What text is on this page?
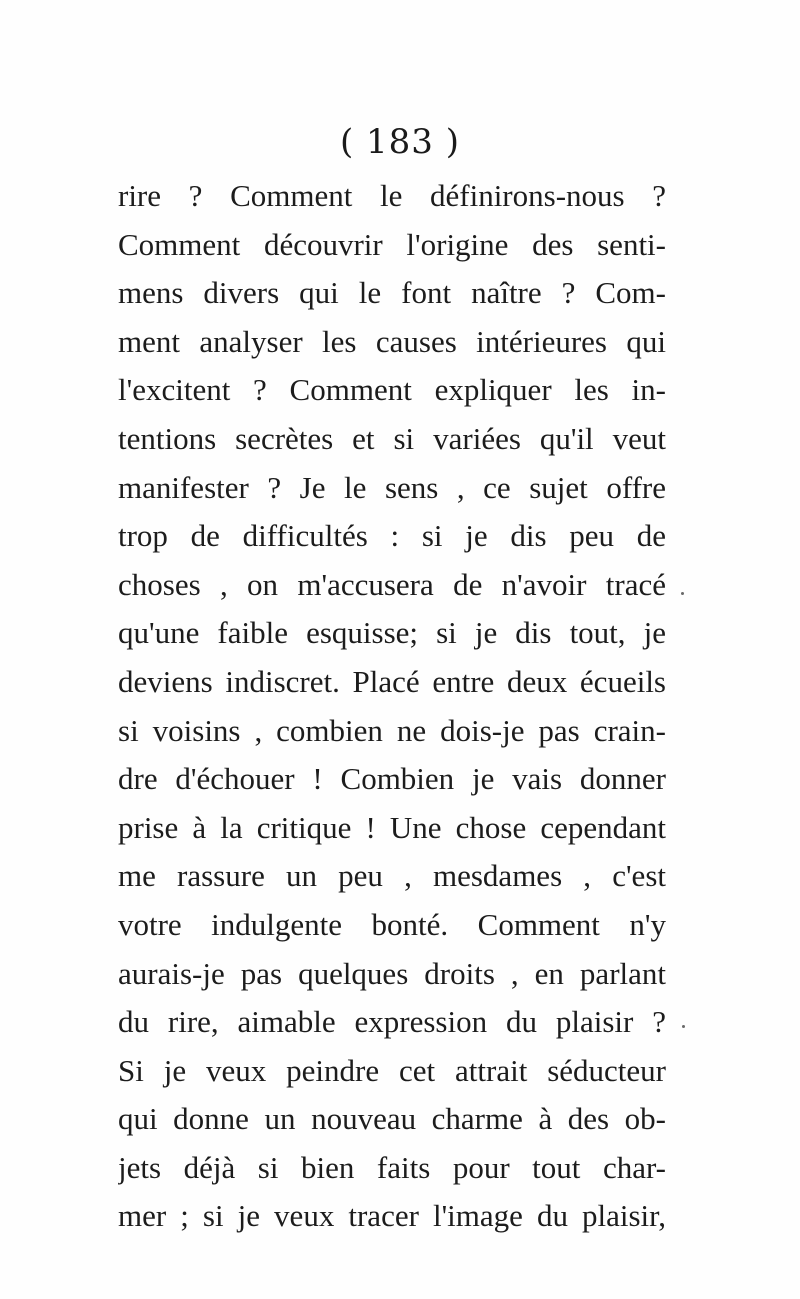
( 183 )
rire ? Comment le définirons-nous ?
Comment découvrir l'origine des senti-
mens divers qui le font naître ? Com-
ment analyser les causes intérieures qui
l'excitent ? Comment expliquer les in-
tentions secrètes et si variées qu'il veut
manifester ? Je le sens , ce sujet offre
trop de difficultés : si je dis peu de
choses , on m'accusera de n'avoir tracé
qu'une faible esquisse; si je dis tout, je
deviens indiscret. Placé entre deux écueils
si voisins , combien ne dois-je pas crain-
dre d'échouer ! Combien je vais donner
prise à la critique ! Une chose cependant
me rassure un peu , mesdames , c'est
votre indulgente bonté. Comment n'y
aurais-je pas quelques droits , en parlant
du rire, aimable expression du plaisir ?
Si je veux peindre cet attrait séducteur
qui donne un nouveau charme à des ob-
jets déjà si bien faits pour tout char-
mer ; si je veux tracer l'image du plaisir,
